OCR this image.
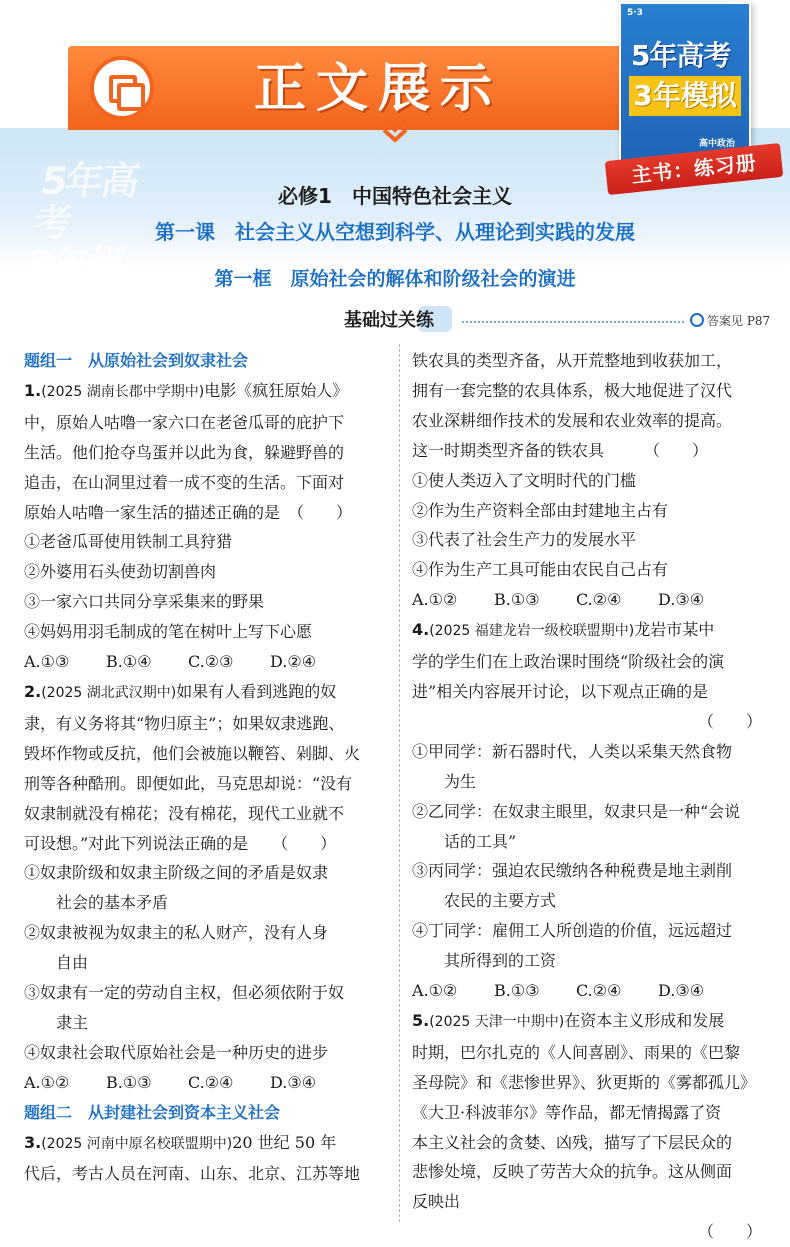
5年高考
3年模拟
正文展示
5·3
5年高考
3年模拟
高中政治
主书：练习册
必修1　中国特色社会主义
第一课　社会主义从空想到科学、从理论到实践的发展
第一框　原始社会的解体和阶级社会的演进
基础过关练	答案见 P87
题组一　从原始社会到奴隶社会
1.(2025 湖南长郡中学期中)电影《疯狂原始人》
中，原始人咕噜一家六口在老爸瓜哥的庇护下
生活。他们抢夺鸟蛋并以此为食，躲避野兽的
追击，在山洞里过着一成不变的生活。下面对
原始人咕噜一家生活的描述正确的是　（　　）
①老爸瓜哥使用铁制工具狩猎
②外婆用石头使劲切割兽肉
③一家六口共同分享采集来的野果
④妈妈用羽毛制成的笔在树叶上写下心愿
A.①③ B.①④ C.②③ D.②④
2.(2025 湖北武汉期中)如果有人看到逃跑的奴
隶，有义务将其“物归原主”；如果奴隶逃跑、
毁坏作物或反抗，他们会被施以鞭笞、剁脚、火
刑等各种酷刑。即便如此，马克思却说：“没有
奴隶制就没有棉花；没有棉花，现代工业就不
可设想。”对此下列说法正确的是　　（　　）
①奴隶阶级和奴隶主阶级之间的矛盾是奴隶
社会的基本矛盾
②奴隶被视为奴隶主的私人财产，没有人身
自由
③奴隶有一定的劳动自主权，但必须依附于奴
隶主
④奴隶社会取代原始社会是一种历史的进步
A.①② B.①③ C.②④ D.③④
题组二　从封建社会到资本主义社会
3.(2025 河南中原名校联盟期中)20 世纪 50 年
代后，考古人员在河南、山东、北京、江苏等地
铁农具的类型齐备，从开荒整地到收获加工，
拥有一套完整的农具体系，极大地促进了汉代
农业深耕细作技术的发展和农业效率的提高。
这一时期类型齐备的铁农具　　　（　　）
①使人类迈入了文明时代的门槛
②作为生产资料全部由封建地主占有
③代表了社会生产力的发展水平
④作为生产工具可能由农民自己占有
A.①② B.①③ C.②④ D.③④
4.(2025 福建龙岩一级校联盟期中)龙岩市某中
学的学生们在上政治课时围绕“阶级社会的演
进”相关内容展开讨论，以下观点正确的是
（　　）
①甲同学：新石器时代，人类以采集天然食物
为生
②乙同学：在奴隶主眼里，奴隶只是一种“会说
话的工具”
③丙同学：强迫农民缴纳各种税费是地主剥削
农民的主要方式
④丁同学：雇佣工人所创造的价值，远远超过
其所得到的工资
A.①② B.①③ C.②④ D.③④
5.(2025 天津一中期中)在资本主义形成和发展
时期，巴尔扎克的《人间喜剧》、雨果的《巴黎
圣母院》和《悲惨世界》、狄更斯的《雾都孤儿》
《大卫·科波菲尔》等作品，都无情揭露了资
本主义社会的贪婪、凶残，描写了下层民众的
悲惨处境，反映了劳苦大众的抗争。这从侧面
反映出
（　　）
